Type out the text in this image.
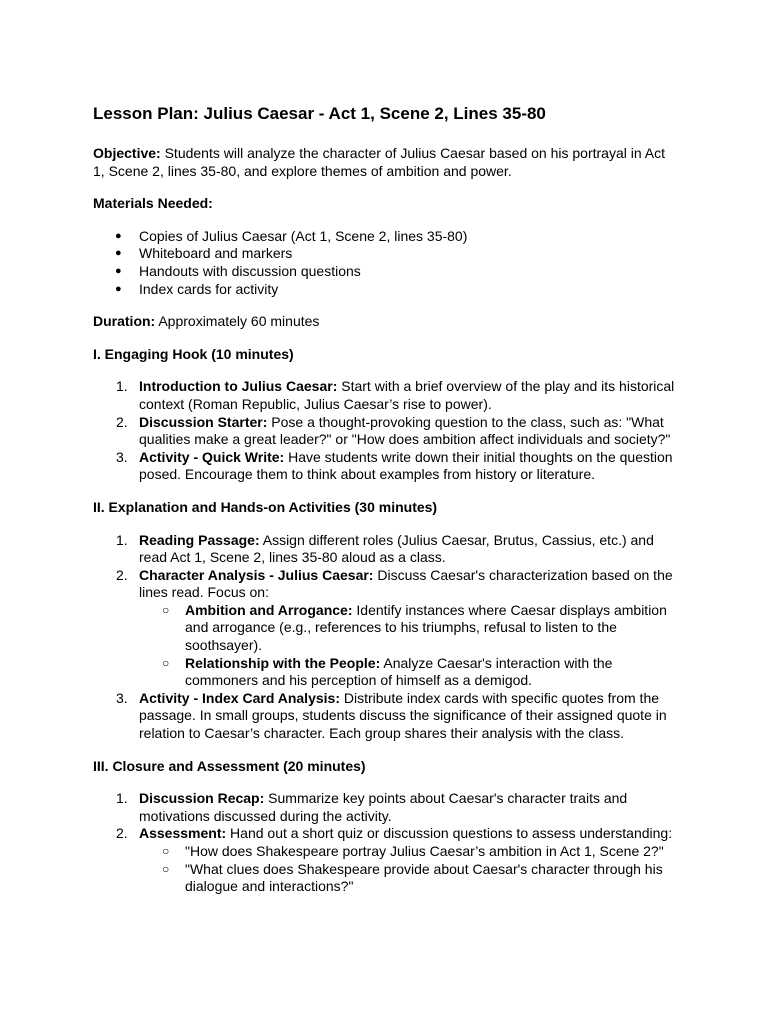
Lesson Plan: Julius Caesar - Act 1, Scene 2, Lines 35-80

Objective: Students will analyze the character of Julius Caesar based on his portrayal in Act 1, Scene 2, lines 35-80, and explore themes of ambition and power.

Materials Needed:
● Copies of Julius Caesar (Act 1, Scene 2, lines 35-80)
● Whiteboard and markers
● Handouts with discussion questions
● Index cards for activity

Duration: Approximately 60 minutes

I. Engaging Hook (10 minutes)
1. Introduction to Julius Caesar: Start with a brief overview of the play and its historical context (Roman Republic, Julius Caesar’s rise to power).
2. Discussion Starter: Pose a thought-provoking question to the class, such as: "What qualities make a great leader?" or "How does ambition affect individuals and society?"
3. Activity - Quick Write: Have students write down their initial thoughts on the question posed. Encourage them to think about examples from history or literature.
II. Explanation and Hands-on Activities (30 minutes)
1. Reading Passage: Assign different roles (Julius Caesar, Brutus, Cassius, etc.) and read Act 1, Scene 2, lines 35-80 aloud as a class.
2. Character Analysis - Julius Caesar: Discuss Caesar's characterization based on the lines read. Focus on:
○ Ambition and Arrogance: Identify instances where Caesar displays ambition and arrogance (e.g., references to his triumphs, refusal to listen to the soothsayer).
○ Relationship with the People: Analyze Caesar's interaction with the commoners and his perception of himself as a demigod.
3. Activity - Index Card Analysis: Distribute index cards with specific quotes from the passage. In small groups, students discuss the significance of their assigned quote in relation to Caesar’s character. Each group shares their analysis with the class.
III. Closure and Assessment (20 minutes)
1. Discussion Recap: Summarize key points about Caesar's character traits and motivations discussed during the activity.
2. Assessment: Hand out a short quiz or discussion questions to assess understanding:
○ "How does Shakespeare portray Julius Caesar’s ambition in Act 1, Scene 2?"
○ "What clues does Shakespeare provide about Caesar's character through his dialogue and interactions?"
